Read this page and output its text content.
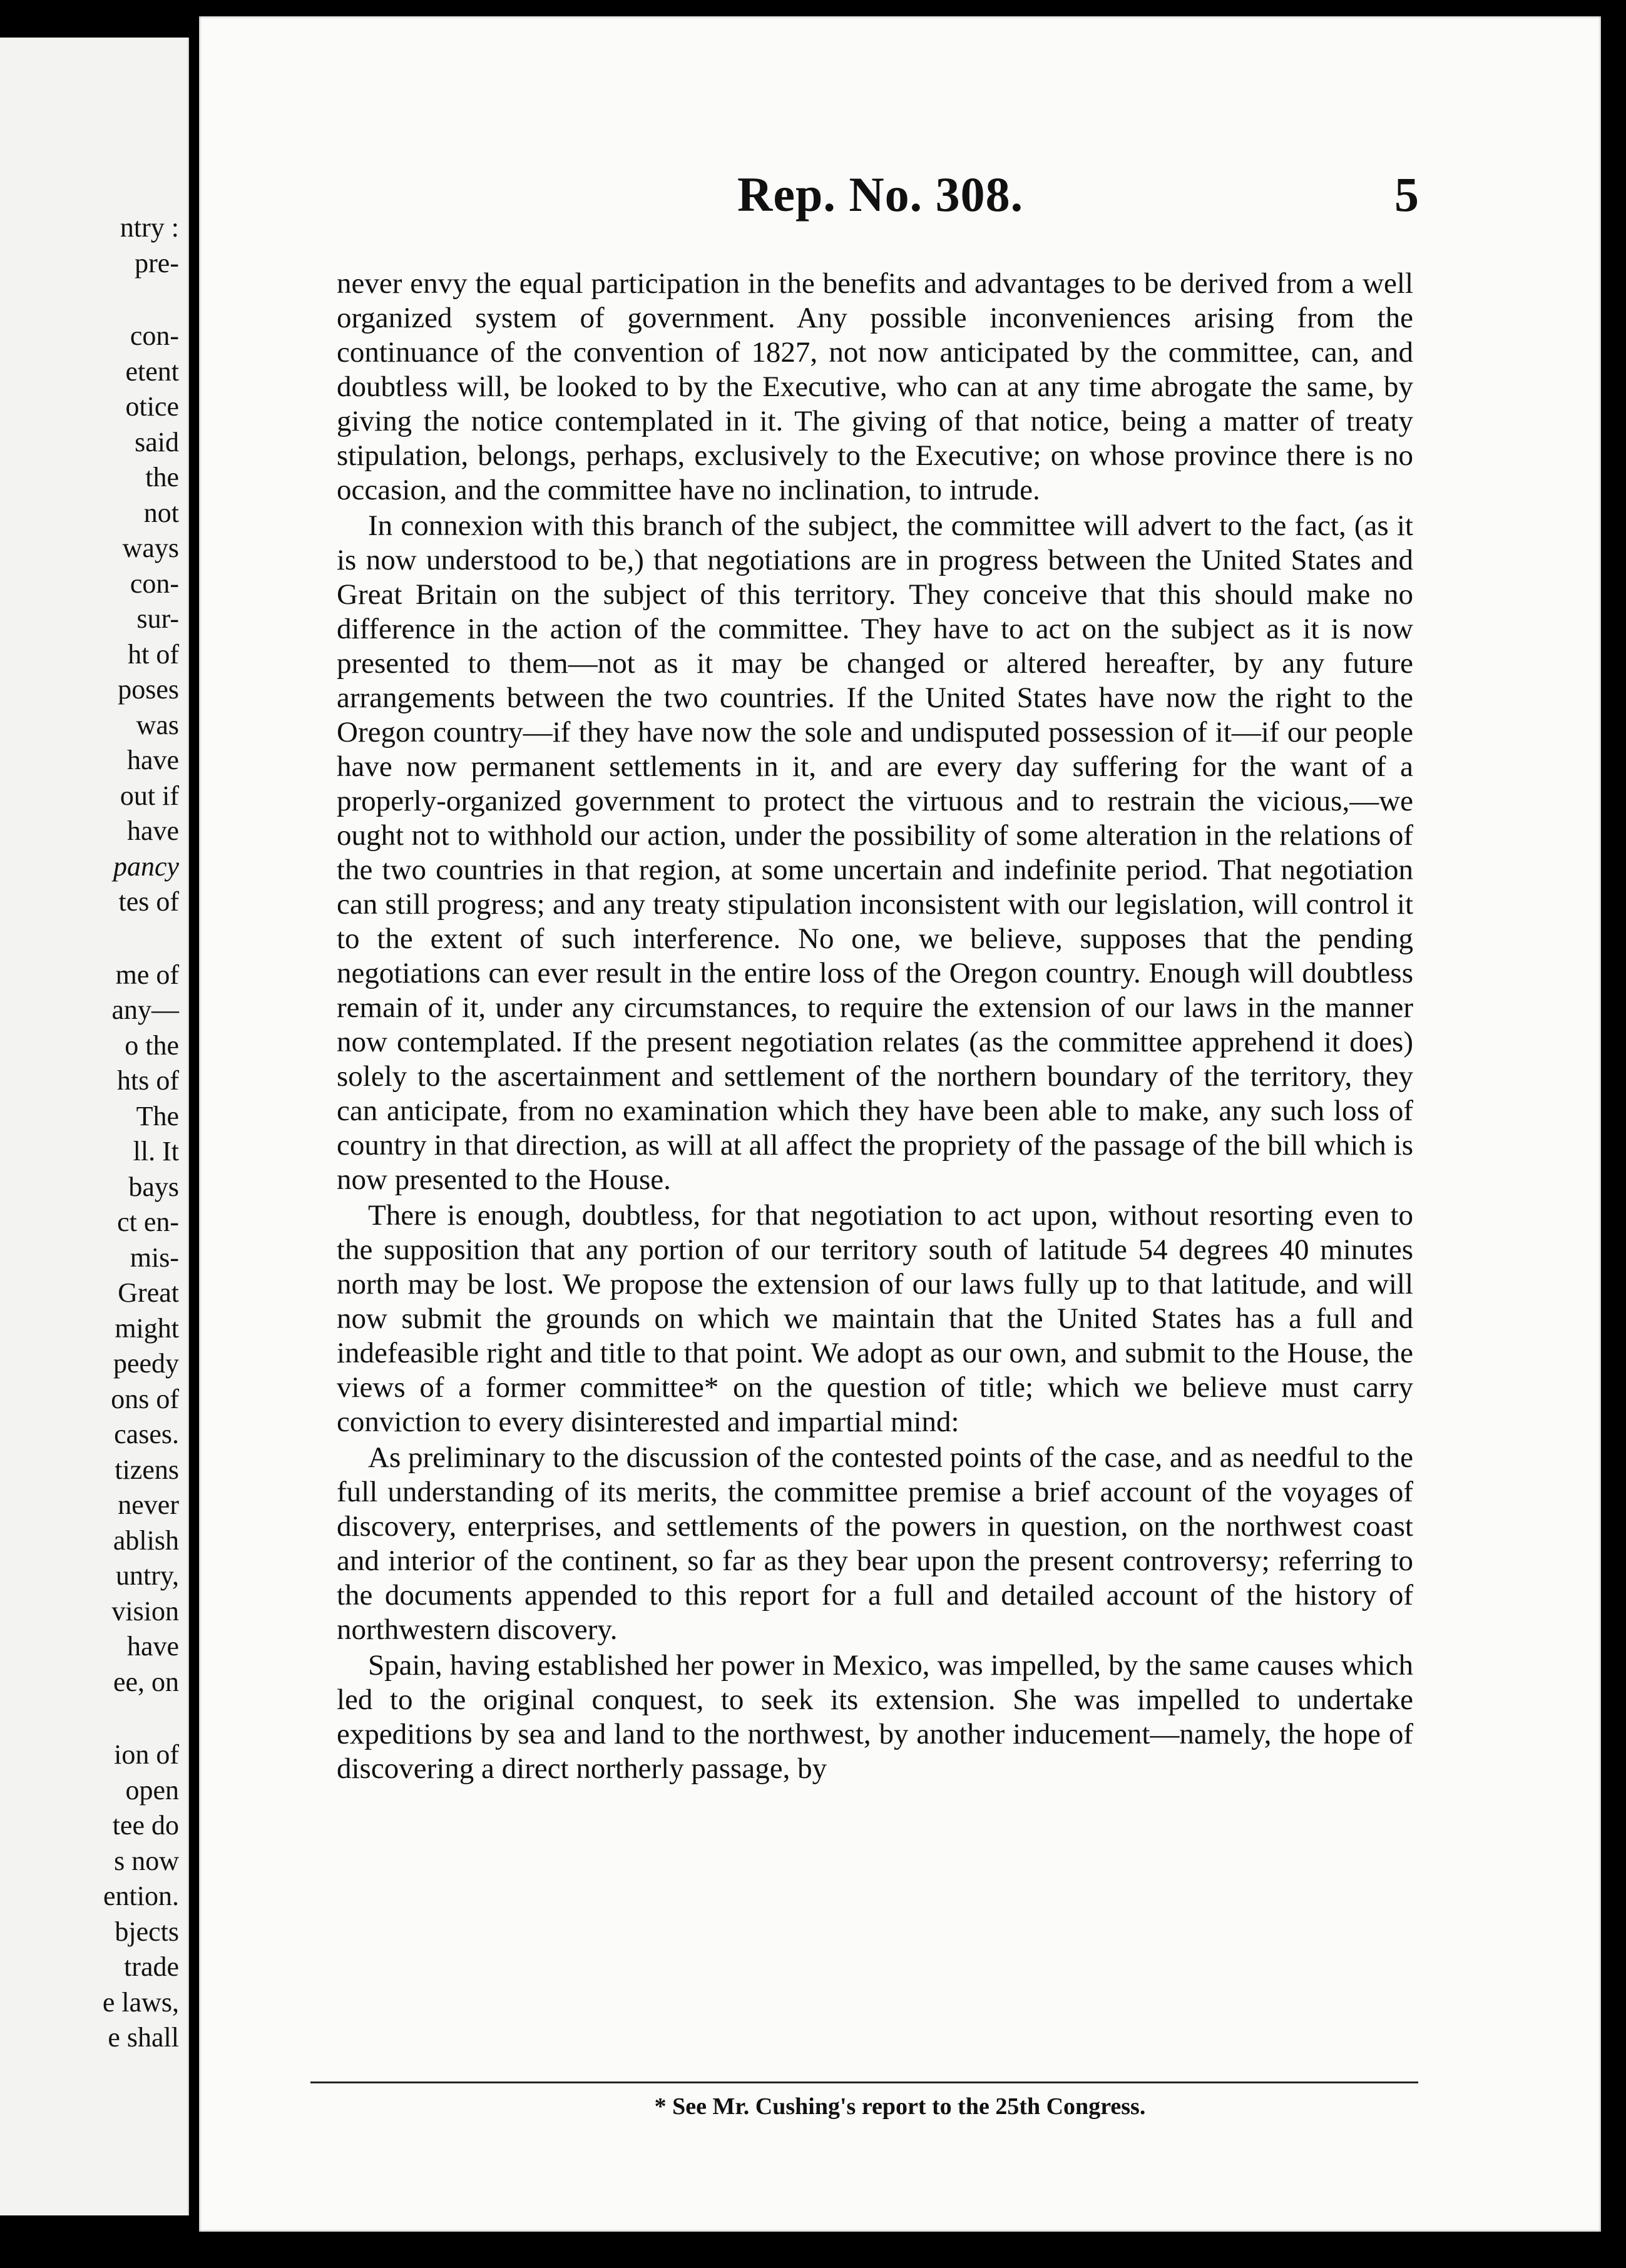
ntry :
pre-
con-
etent
otice
said
the
not
ways
con-
sur-
ht of
poses
was
have
out if
have
pancy
tes of
me of
any—
o the
hts of
The
ll. It
bays
ct en-
mis-
Great
might
peedy
ons of
cases.
tizens
never
ablish
untry,
vision
have
ee, on
ion of
open
tee do
s now
ention.
bjects
trade
e laws,
e shall
Rep. No. 308.	5

never envy the equal participation in the benefits and advantages to be derived from a well organized system of government. Any possible inconveniences arising from the continuance of the convention of 1827, not now anticipated by the committee, can, and doubtless will, be looked to by the Executive, who can at any time abrogate the same, by giving the notice contemplated in it. The giving of that notice, being a matter of treaty stipulation, belongs, perhaps, exclusively to the Executive; on whose province there is no occasion, and the committee have no inclination, to intrude.

In connexion with this branch of the subject, the committee will advert to the fact, (as it is now understood to be,) that negotiations are in progress between the United States and Great Britain on the subject of this territory. They conceive that this should make no difference in the action of the committee. They have to act on the subject as it is now presented to them—not as it may be changed or altered hereafter, by any future arrangements between the two countries. If the United States have now the right to the Oregon country—if they have now the sole and undisputed possession of it—if our people have now permanent settlements in it, and are every day suffering for the want of a properly-organized government to protect the virtuous and to restrain the vicious,—we ought not to withhold our action, under the possibility of some alteration in the relations of the two countries in that region, at some uncertain and indefinite period. That negotiation can still progress; and any treaty stipulation inconsistent with our legislation, will control it to the extent of such interference. No one, we believe, supposes that the pending negotiations can ever result in the entire loss of the Oregon country. Enough will doubtless remain of it, under any circumstances, to require the extension of our laws in the manner now contemplated. If the present negotiation relates (as the committee apprehend it does) solely to the ascertainment and settlement of the northern boundary of the territory, they can anticipate, from no examination which they have been able to make, any such loss of country in that direction, as will at all affect the propriety of the passage of the bill which is now presented to the House.

There is enough, doubtless, for that negotiation to act upon, without resorting even to the supposition that any portion of our territory south of latitude 54 degrees 40 minutes north may be lost. We propose the extension of our laws fully up to that latitude, and will now submit the grounds on which we maintain that the United States has a full and indefeasible right and title to that point. We adopt as our own, and submit to the House, the views of a former committee* on the question of title; which we believe must carry conviction to every disinterested and impartial mind:

As preliminary to the discussion of the contested points of the case, and as needful to the full understanding of its merits, the committee premise a brief account of the voyages of discovery, enterprises, and settlements of the powers in question, on the northwest coast and interior of the continent, so far as they bear upon the present controversy; referring to the documents appended to this report for a full and detailed account of the history of northwestern discovery.

Spain, having established her power in Mexico, was impelled, by the same causes which led to the original conquest, to seek its extension. She was impelled to undertake expeditions by sea and land to the northwest, by another inducement—namely, the hope of discovering a direct northerly passage, by

* See Mr. Cushing's report to the 25th Congress.
